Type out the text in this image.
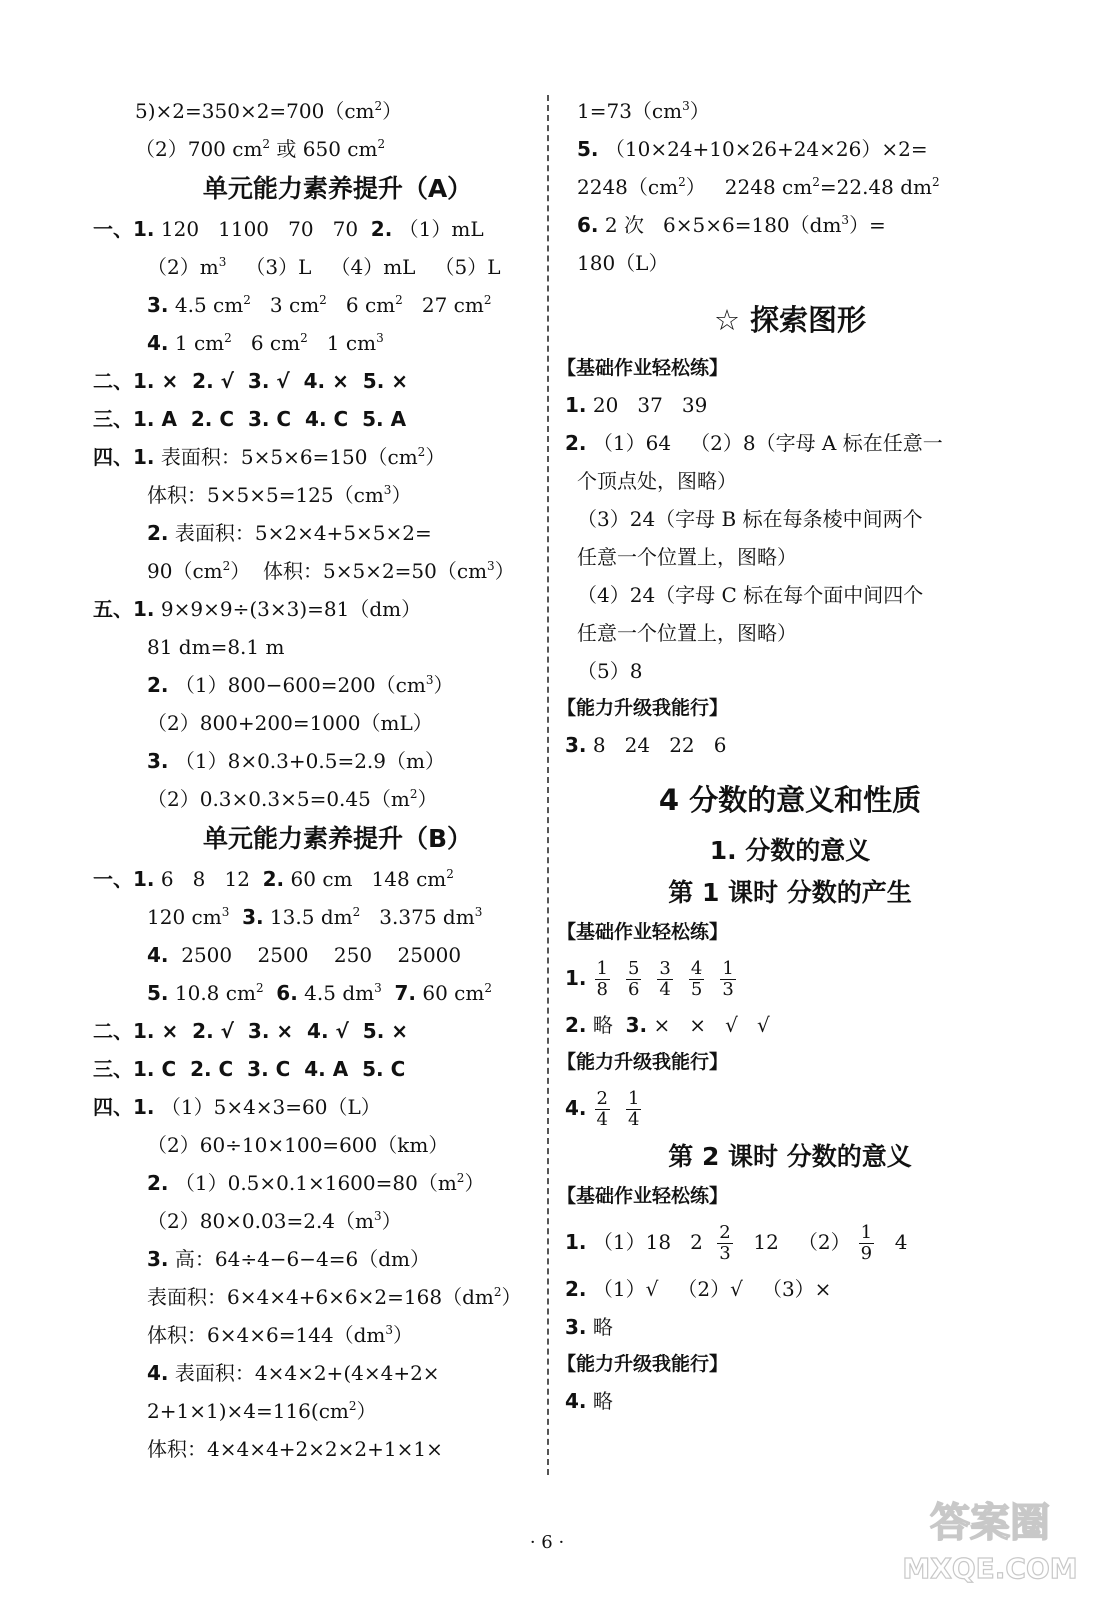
$5)\times 2=350\times 2=700(cm^2)$
（2）700 $cm^2$ 或 650 $cm^2$
单元能力素养提升（A）
一、1. 120   1100   70   70  2. （1）mL
$(2)m^3$   （3）L   （4）mL   （5）L
3. 4.5 $cm^2$   3 $cm^2$   6 $cm^2$   27 $cm^2$
4. 1 $cm^2$   6 $cm^2$   1 $cm^3$
二、1. ×  2. √  3. √  4. ×  5. ×
三、1. A  2. C  3. C  4. C  5. A
四、1. 表面积：$5\times 5\times 6=150(cm^2)$
体积：$5\times 5\times 5=125(cm^3)$
2. 表面积：5×2×4+5×5×2=
$90(cm^2)$  体积：$5\times 5\times 2=50(cm^3)$
五、1. 9×9×9÷(3×3)=81（dm）
81 dm=8.1 m
2. $(1)800-600=200(cm^3)$
（2）800+200=1000（mL）
3. （1）8×0.3+0.5=2.9（m）
$(2)0.3\times 0.3\times 5=0.45(m^2)$
单元能力素养提升（B）
一、1. 6   8   12  2. 60 cm   148 $cm^2$
120 $cm^3$ 3. 13.5 $dm^2$   3.375 $dm^3$
4.  2500    2500    250    25000
5. 10.8 $cm^2$ 6. 4.5 $dm^3$ 7. 60 $cm^2$
二、1. ×  2. √  3. ×  4. √  5. ×
三、1. C  2. C  3. C  4. A  5. C
四、1. （1）5×4×3=60（L）
（2）60÷10×100=600（km）
2. $(1)0.5\times 0.1\times 1600=80(m^2)$
$(2)80\times 0.03=2.4(m^3)$
3. 高：64÷4−6−4=6（dm）
表面积：$6\times 4\times 4+6\times 6\times 2=168(dm^2)$
体积：$6\times 4\times 6=144(dm^3)$
4. 表面积：4×4×2+(4×4+2×
$2+1\times 1)\times 4=116(cm^2)$
体积：4×4×4+2×2×2+1×1×
$1=73(cm^3)$
5. （10×24+10×26+24×26）×2=
$2248(cm^2)$   2248 $cm^2=22.48$ $dm^2$
6. 2 次   $6\times 5\times 6=180(dm^3)=$
180（L）
☆ 探索图形
【基础作业轻松练】
1. 20   37   39
2. （1）64   （2）8（字母 A 标在任意一
个顶点处，图略）
（3）24（字母 B 标在每条棱中间两个
任意一个位置上，图略）
（4）24（字母 C 标在每个面中间四个
任意一个位置上，图略）
（5）8
【能力升级我能行】
3. 8   24   22   6
4 分数的意义和性质
1. 分数的意义
第 1 课时 分数的产生
【基础作业轻松练】
1. $\frac{1}{8} \frac{5}{6} \frac{3}{4} \frac{4}{5} \frac{1}{3}$
2. 略  3. ×   ×   √   √
【能力升级我能行】
4. $\frac{2}{4} \frac{1}{4}$
第 2 课时 分数的意义
【基础作业轻松练】
1. （1）18   $2 \frac{2}{3} 12$   $(2) \frac{1}{9} 4$
2. （1）√   （2）√   （3）×
3. 略
【能力升级我能行】
4. 略
· 6 ·	答案圈
MXQE.COM
